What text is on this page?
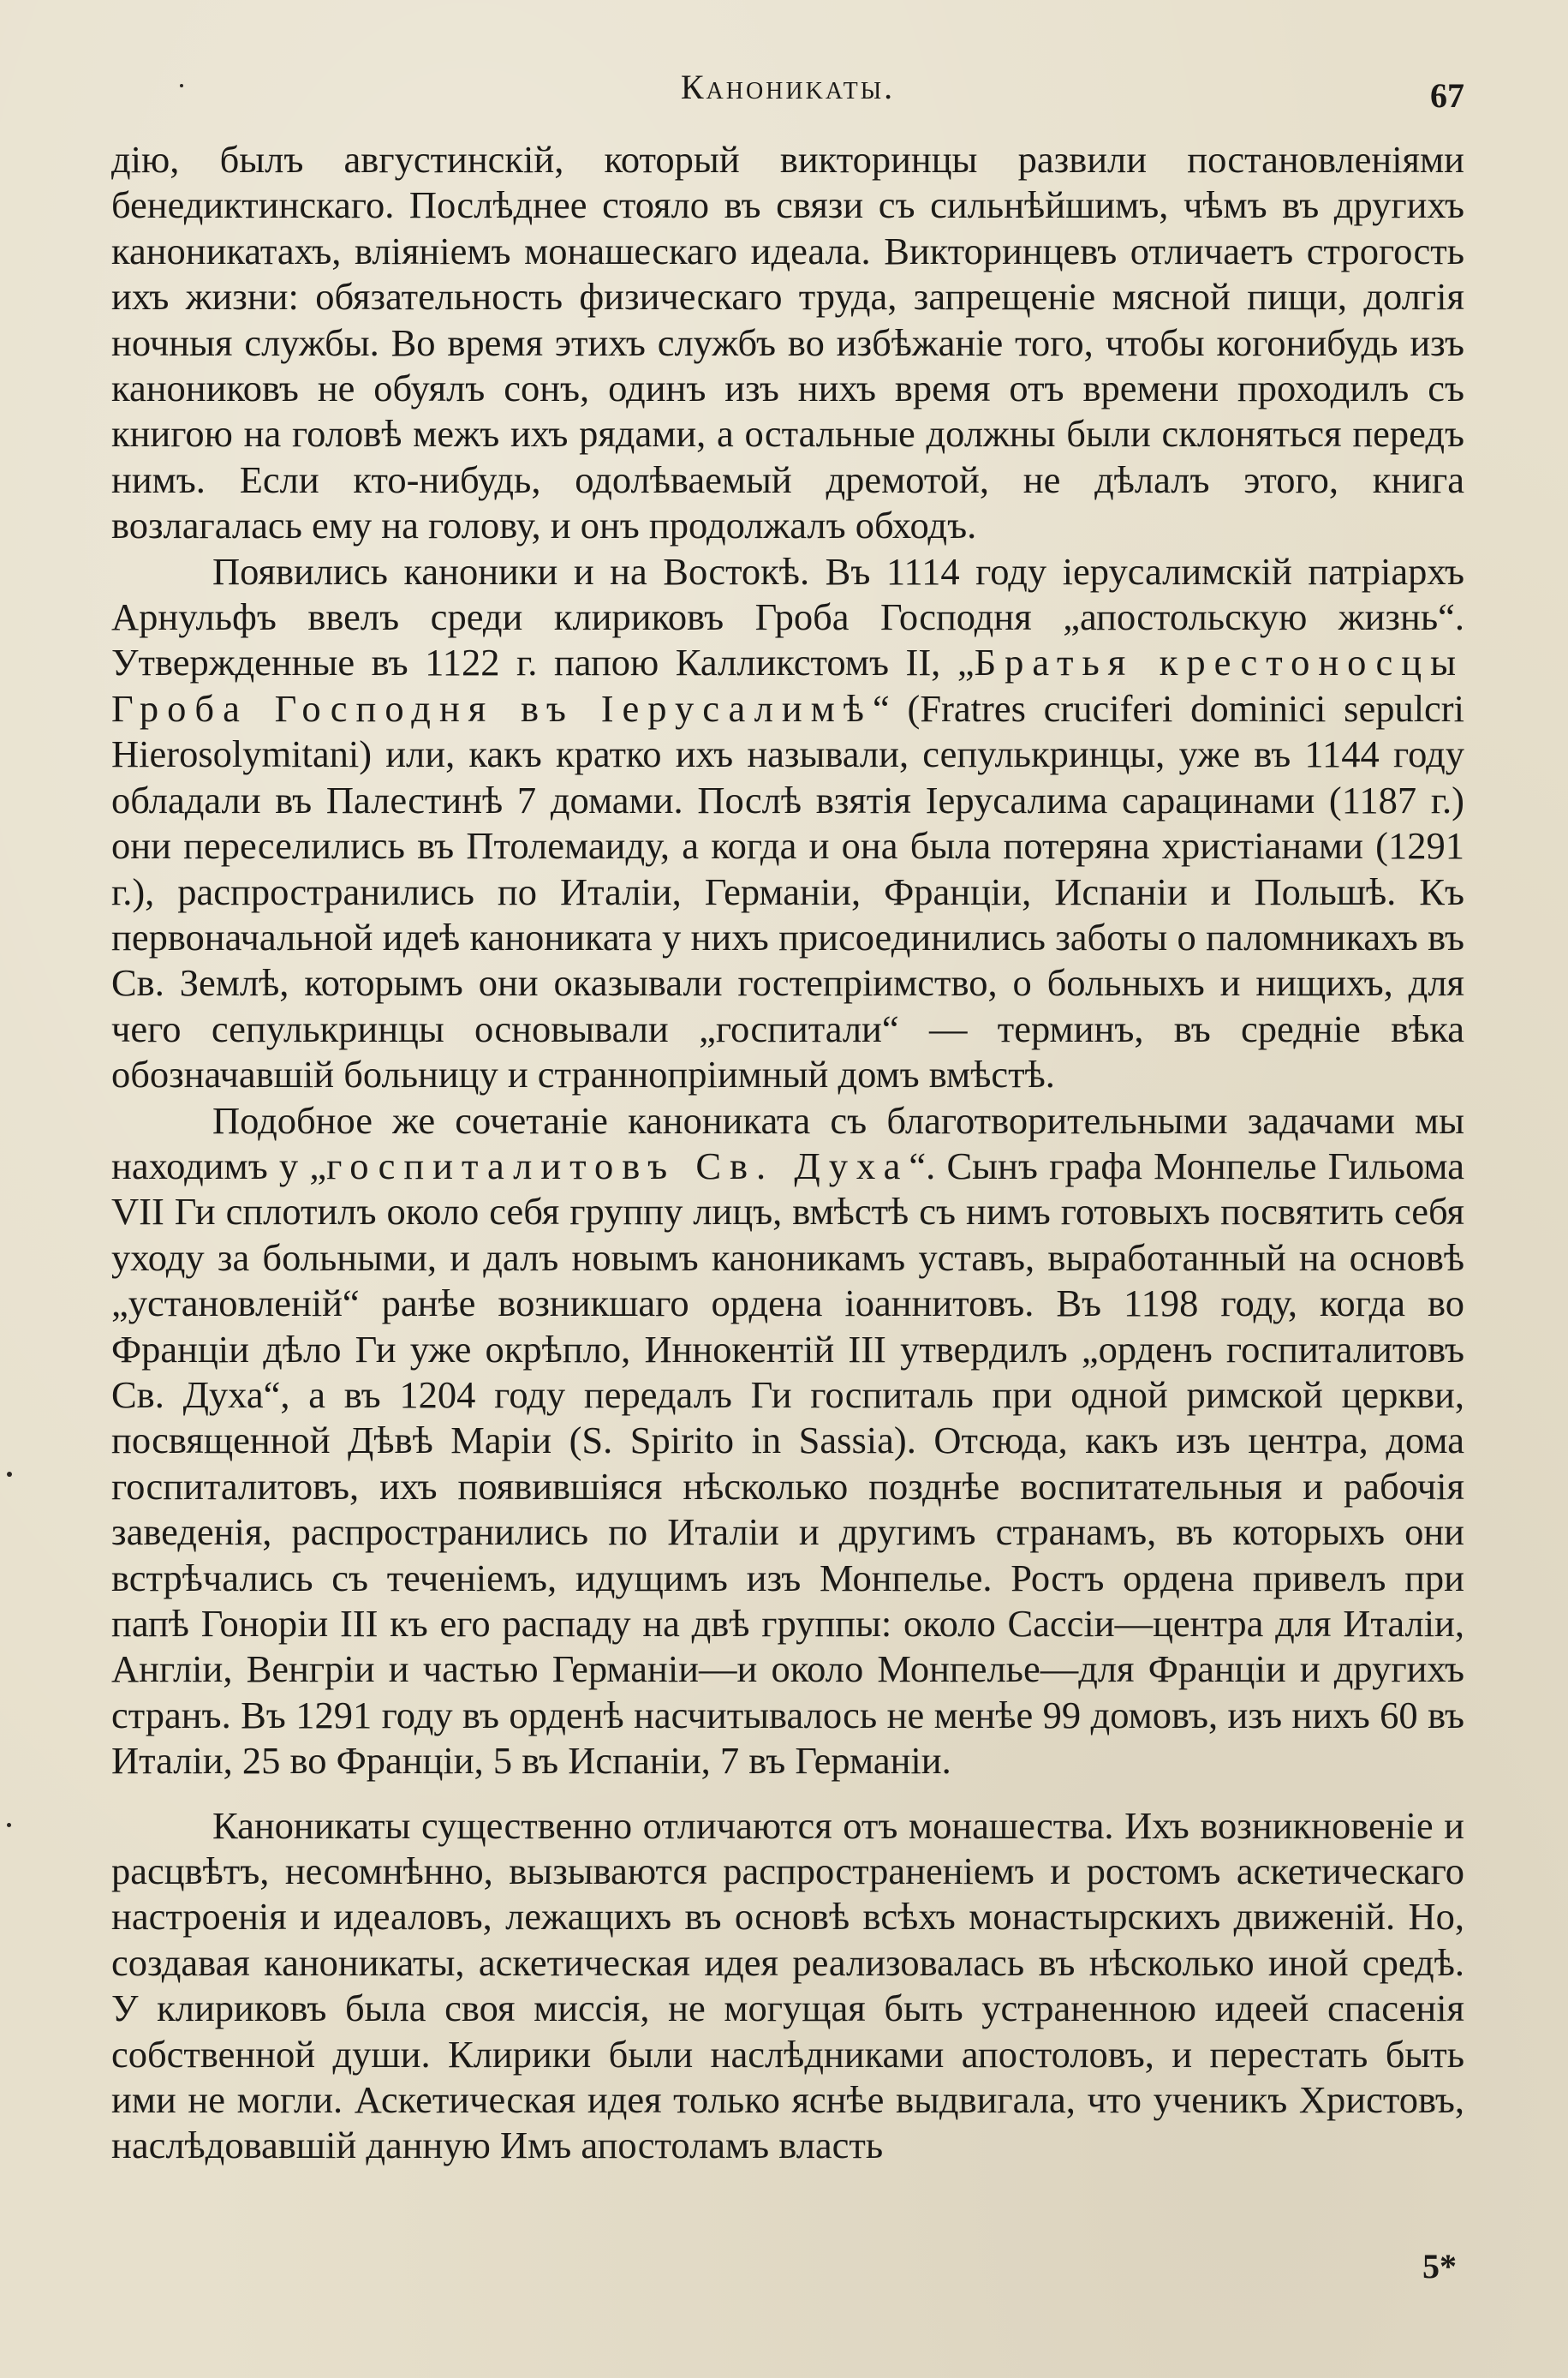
Канониkаты.	67

дію, былъ августинскій, который викторинцы развили постановленіями бенедиктинскаго. Послѣднее стояло въ связи съ сильнѣйшимъ, чѣмъ въ другихъ каноникатахъ, вліяніемъ монашескаго идеала. Викторинцевъ отличаетъ строгость ихъ жизни: обязательность физическаго труда, запрещеніе мясной пищи, долгія ночныя службы. Во время этихъ службъ во избѣжаніе того, чтобы когонибудь изъ канониковъ не обуялъ сонъ, одинъ изъ нихъ время отъ времени проходилъ съ книгою на головѣ межъ ихъ рядами, а остальные должны были склоняться передъ нимъ. Если кто-нибудь, одолѣваемый дремотой, не дѣлалъ этого, книга возлагалась ему на голову, и онъ продолжалъ обходъ.

Появились каноники и на Востокѣ. Въ 1114 году іерусалимскій патріархъ Арнульфъ ввелъ среди клириковъ Гроба Господня „апостольскую жизнь“. Утвержденные въ 1122 г. папою Калликстомъ II, „Братья крестоносцы Гроба Господня въ Іерусалимѣ“ (Fratres cruciferi dominici sepulcri Hierosolymitani) или, какъ кратко ихъ называли, сепулькринцы, уже въ 1144 году обладали въ Палестинѣ 7 домами. Послѣ взятія Іерусалима сарацинами (1187 г.) они переселились въ Птолемаиду, а когда и она была потеряна христіанами (1291 г.), распространились по Италіи, Германіи, Франціи, Испаніи и Польшѣ. Къ первоначальной идеѣ каноникатa у нихъ присоединились заботы о паломникахъ въ Св. Землѣ, которымъ они оказывали гостепріимство, о больныхъ и нищихъ, для чего сепулькринцы основывали „госпитали“ — терминъ, въ средніе вѣка обозначавшій больницу и страннопріимный домъ вмѣстѣ.

Подобное же сочетаніе каноникатa съ благотворительными задачами мы находимъ у „госпиталитовъ Св. Духа“. Сынъ графа Монпелье Гильома VII Ги сплотилъ около себя группу лицъ, вмѣстѣ съ нимъ готовыхъ посвятить себя уходу за больными, и далъ новымъ каноникамъ уставъ, выработанный на основѣ „установленій“ ранѣе возникшаго ордена іоаннитовъ. Въ 1198 году, когда во Франціи дѣло Ги уже окрѣпло, Иннокентій III утвердилъ „орденъ госпиталитовъ Св. Духа“, а въ 1204 году передалъ Ги госпиталь при одной римской церкви, посвященной Дѣвѣ Маріи (S. Spirito in Sassia). Отсюда, какъ изъ центра, дома госпиталитовъ, ихъ появившіяся нѣсколько позднѣе воспитательныя и рабочія заведенія, распространились по Италіи и другимъ странамъ, въ которыхъ они встрѣчались съ теченіемъ, идущимъ изъ Монпелье. Ростъ ордена привелъ при папѣ Гоноріи III къ его распаду на двѣ группы: около Сассіи—центра для Италіи, Англіи, Венгріи и частью Германіи—и около Монпелье—для Франціи и другихъ странъ. Въ 1291 году въ орденѣ насчитывалось не менѣе 99 домовъ, изъ нихъ 60 въ Италіи, 25 во Франціи, 5 въ Испаніи, 7 въ Германіи.

Каноникаты существенно отличаются отъ монашества. Ихъ возникновеніе и расцвѣтъ, несомнѣнно, вызываются распространеніемъ и ростомъ аскетическаго настроенія и идеаловъ, лежащихъ въ основѣ всѣхъ монастырскихъ движеній. Но, создавая каноникаты, аскетическая идея реализовалась въ нѣсколько иной средѣ. У клириковъ была своя миссія, не могущая быть устраненною идеей спасенія собственной души. Клирики были наслѣдниками апостоловъ, и перестать быть ими не могли. Аскетическая идея только яснѣе выдвигала, что ученикъ Христовъ, наслѣдовавшій данную Имъ апостоламъ власть

5*
